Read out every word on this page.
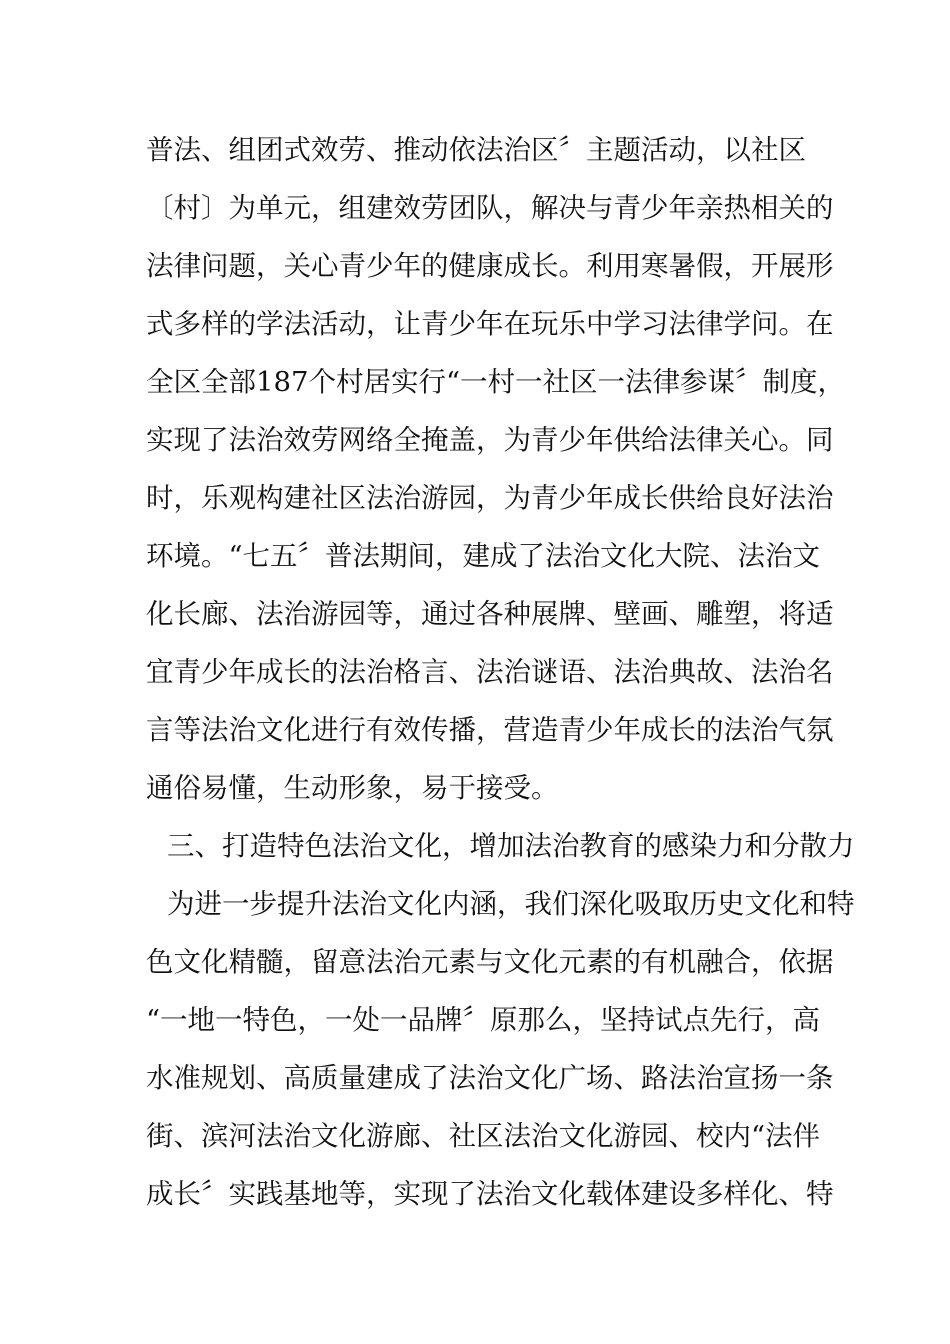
普法、组团式效劳、推动依法治区〞主题活动，以社区
〔村〕为单元，组建效劳团队，解决与青少年亲热相关的
法律问题，关心青少年的健康成长。利用寒暑假，开展形
式多样的学法活动，让青少年在玩乐中学习法律学问。在
全区全部187个村居实行“一村一社区一法律参谋〞制度，
实现了法治效劳网络全掩盖，为青少年供给法律关心。同
时，乐观构建社区法治游园，为青少年成长供给良好法治
环境。“七五〞普法期间，建成了法治文化大院、法治文
化长廊、法治游园等，通过各种展牌、壁画、雕塑，将适
宜青少年成长的法治格言、法治谜语、法治典故、法治名
言等法治文化进行有效传播，营造青少年成长的法治气氛
通俗易懂，生动形象，易于接受。
三、打造特色法治文化，增加法治教育的感染力和分散力
为进一步提升法治文化内涵，我们深化吸取历史文化和特
色文化精髓，留意法治元素与文化元素的有机融合，依据
“一地一特色，一处一品牌〞原那么，坚持试点先行，高
水准规划、高质量建成了法治文化广场、路法治宣扬一条
街、滨河法治文化游廊、社区法治文化游园、校内“法伴
成长〞实践基地等，实现了法治文化载体建设多样化、特
